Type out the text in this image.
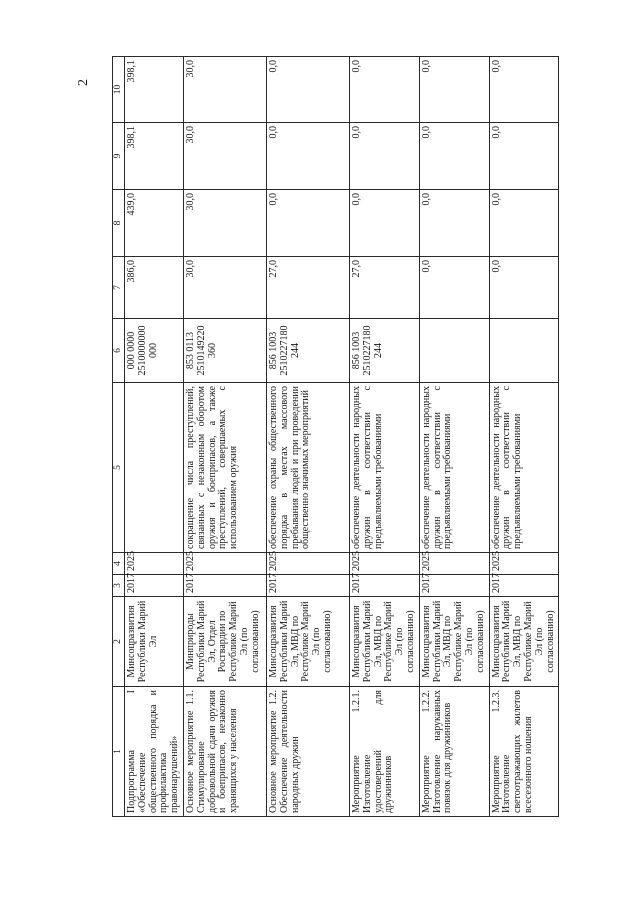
2
1	2	3	4	5	6	7	8	9	10
Подпрограмма I «Обеспечение общественного порядка и профилактика правонарушений»	Минсоцразвития Республики Марий Эл	2017	2025		000 0000 2510000000 000	386,0	439,0	398,1	398,1
Основное мероприятие 1.1. Стимулирование добровольной сдачи оружия и боеприпасов, незаконно хранящихся у населения	Минприроды Республики Марий Эл, Отдел Росгвардии по Республике Марий Эл (по согласованию)	2017	2025	сокращение числа преступлений, связанных с незаконным оборотом оружия и боеприпасов, а также преступлений, совершаемых с использованием оружия	853 0113 2510149220 360	30,0	30,0	30,0	30,0
Основное мероприятие 1.2. Обеспечение деятельности народных дружин	Минсоцразвития Республики Марий Эл, МВД по Республике Марий Эл (по согласованию)	2017	2025	обеспечение охраны общественного порядка в местах массового пребывания людей и при проведении общественно значимых мероприятий	856 1003 2510227180 244	27,0	0,0	0,0	0,0
Мероприятие 1.2.1. Изготовление удостоверений для дружинников	Минсоцразвития Республики Марий Эл, МВД по Республике Марий Эл (по согласованию)	2017	2025	обеспечение деятельности народных дружин в соответствии с предъявляемыми требованиями	856 1003 2510227180 244	27,0	0,0	0,0	0,0
Мероприятие 1.2.2. Изготовление нарукавных повязок для дружинников	Минсоцразвития Республики Марий Эл, МВД по Республике Марий Эл (по согласованию)	2017	2025	обеспечение деятельности народных дружин в соответствии с предъявляемыми требованиями		0,0	0,0	0,0	0,0
Мероприятие 1.2.3. Изготовление светоотражающих жилетов всесезонного ношения	Минсоцразвития Республики Марий Эл, МВД по Республике Марий Эл (по согласованию)	2017	2025	обеспечение деятельности народных дружин в соответствии с предъявляемыми требованиями		0,0	0,0	0,0	0,0
